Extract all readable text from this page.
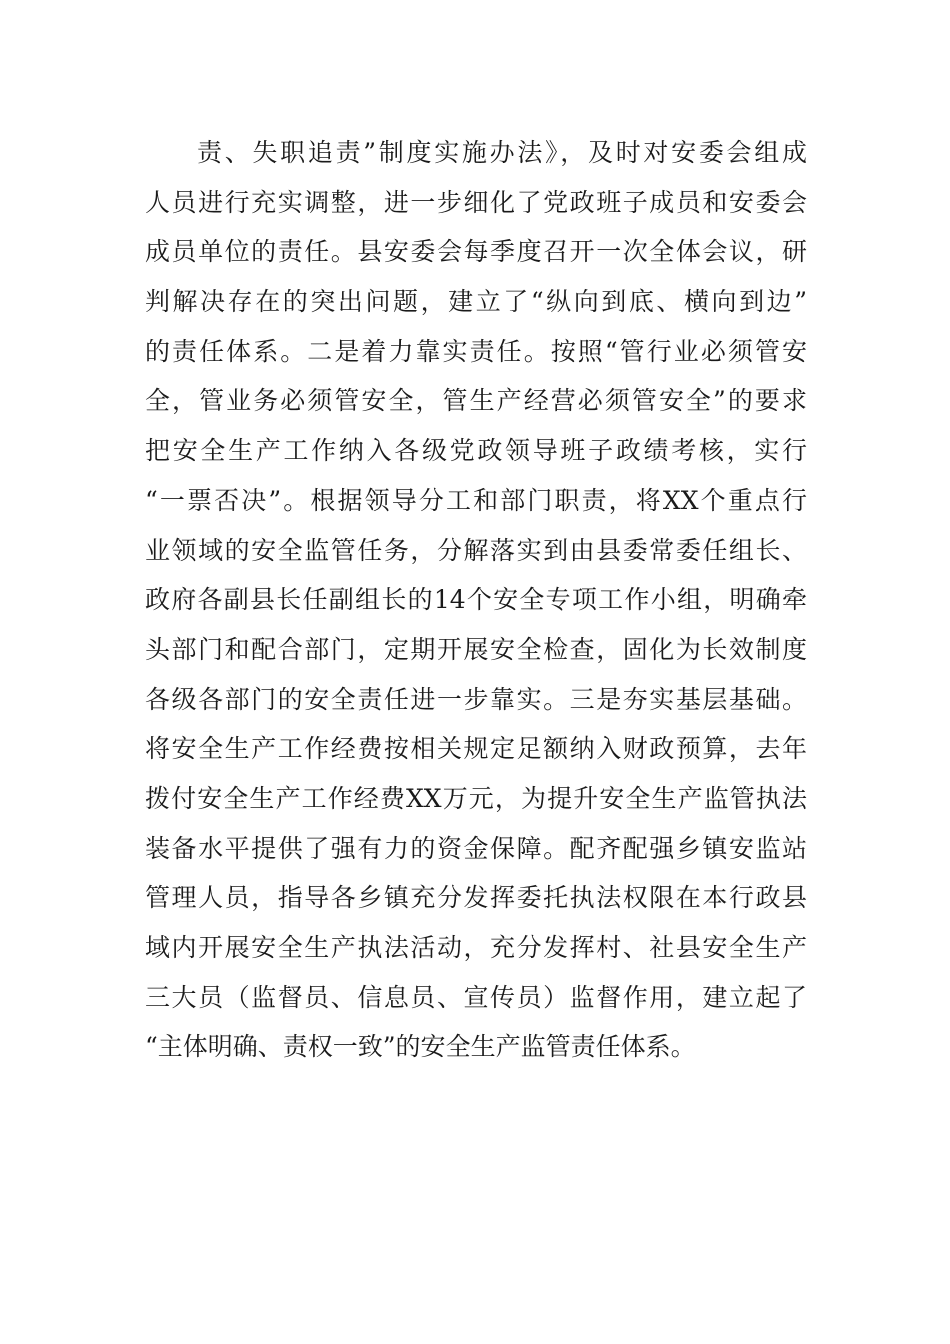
责、失职追责”制度实施办法》，及时对安委会组成
人员进行充实调整，进一步细化了党政班子成员和安委会
成员单位的责任。县安委会每季度召开一次全体会议，研
判解决存在的突出问题，建立了“纵向到底、横向到边”
的责任体系。二是着力靠实责任。按照“管行业必须管安
全，管业务必须管安全，管生产经营必须管安全”的要求
把安全生产工作纳入各级党政领导班子政绩考核，实行
“一票否决”。根据领导分工和部门职责，将XX个重点行
业领域的安全监管任务，分解落实到由县委常委任组长、
政府各副县长任副组长的14个安全专项工作小组，明确牵
头部门和配合部门，定期开展安全检查，固化为长效制度
各级各部门的安全责任进一步靠实。三是夯实基层基础。
将安全生产工作经费按相关规定足额纳入财政预算，去年
拨付安全生产工作经费XX万元，为提升安全生产监管执法
装备水平提供了强有力的资金保障。配齐配强乡镇安监站
管理人员，指导各乡镇充分发挥委托执法权限在本行政县
域内开展安全生产执法活动，充分发挥村、社县安全生产
三大员（监督员、信息员、宣传员）监督作用，建立起了
“主体明确、责权一致”的安全生产监管责任体系。
